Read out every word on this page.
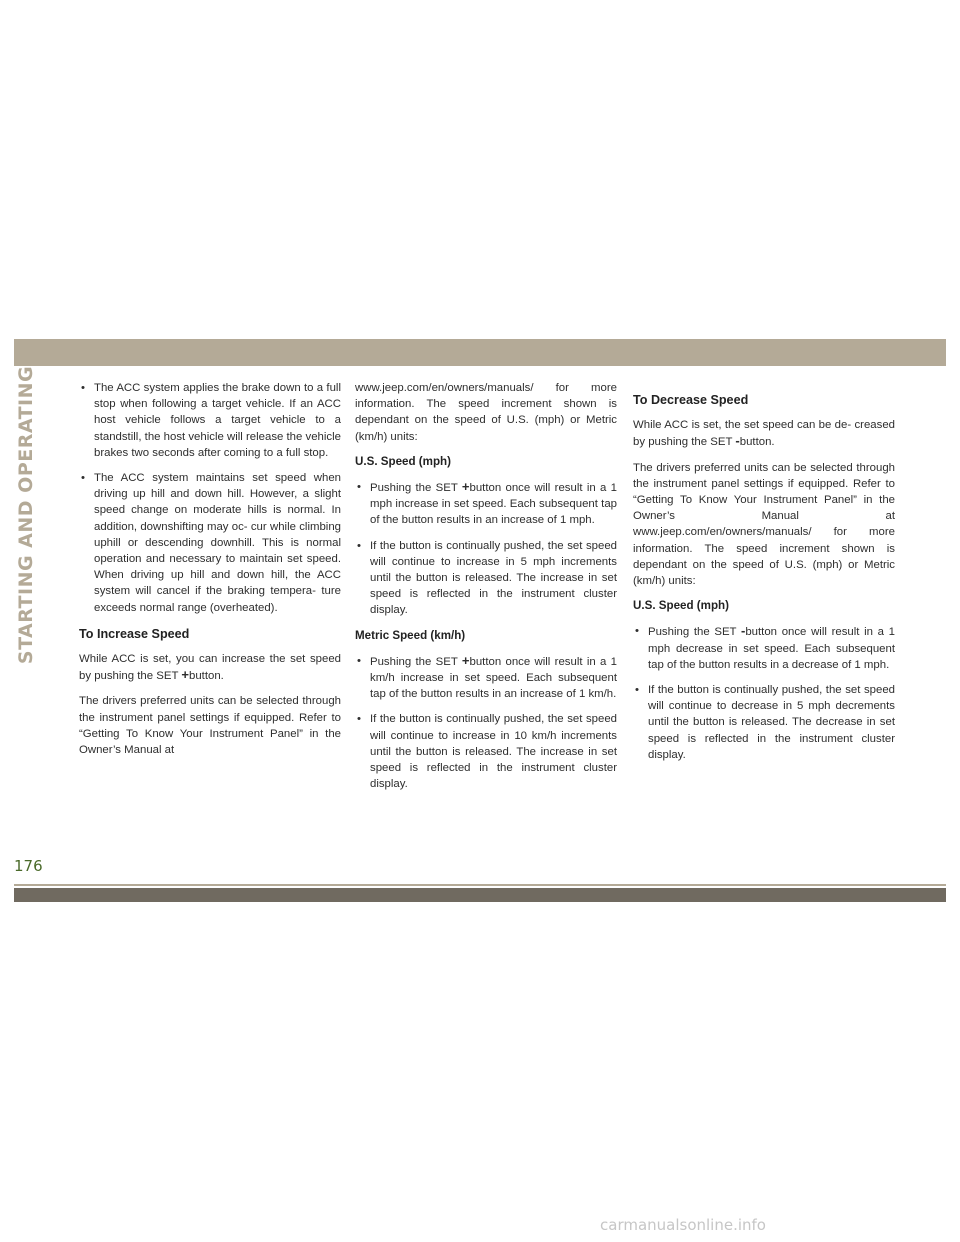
STARTING AND OPERATING
•	The ACC system applies the brake down to a full stop when following a target vehicle. If an ACC host vehicle follows a target vehicle to a standstill, the host vehicle will release the vehicle brakes two seconds after coming to a full stop.
• The ACC system maintains set speed when driving up hill and down hill. However, a slight speed change on moderate hills is normal. In addition, downshifting may oc- cur while climbing uphill or descending downhill. This is normal operation and necessary to maintain set speed. When driving up hill and down hill, the ACC system will cancel if the braking tempera- ture exceeds normal range (overheated).
To Increase Speed

While ACC is set, you can increase the set speed by pushing the SET +button.

The drivers preferred units can be selected through the instrument panel settings if equipped. Refer to “Getting To Know Your Instrument Panel” in the Owner’s Manual at

www.jeep.com/en/owners/manuals/ for more information. The speed increment shown is dependant on the speed of U.S. (mph) or Metric (km/h) units:

U.S. Speed (mph)
• Pushing the SET +button once will result in a 1 mph increase in set speed. Each subsequent tap of the button results in an increase of 1 mph.
• If the button is continually pushed, the set speed will continue to increase in 5 mph increments until the button is released. The increase in set speed is reflected in the instrument cluster display.
Metric Speed (km/h)
• Pushing the SET +button once will result in a 1 km/h increase in set speed. Each subsequent tap of the button results in an increase of 1 km/h.
• If the button is continually pushed, the set speed will continue to increase in 10 km/h increments until the button is released. The increase in set speed is reflected in the instrument cluster display.
To Decrease Speed

While ACC is set, the set speed can be de- creased by pushing the SET -button.

The drivers preferred units can be selected through the instrument panel settings if equipped. Refer to “Getting To Know Your Instrument Panel” in the Owner’s Manual at www.jeep.com/en/owners/manuals/ for more information. The speed increment shown is dependant on the speed of U.S. (mph) or Metric (km/h) units:

U.S. Speed (mph)
• Pushing the SET -button once will result in a 1 mph decrease in set speed. Each subsequent tap of the button results in a decrease of 1 mph.
• If the button is continually pushed, the set speed will continue to decrease in 5 mph decrements until the button is released. The decrease in set speed is reflected in the instrument cluster display.
176
carmanualsonline.info
